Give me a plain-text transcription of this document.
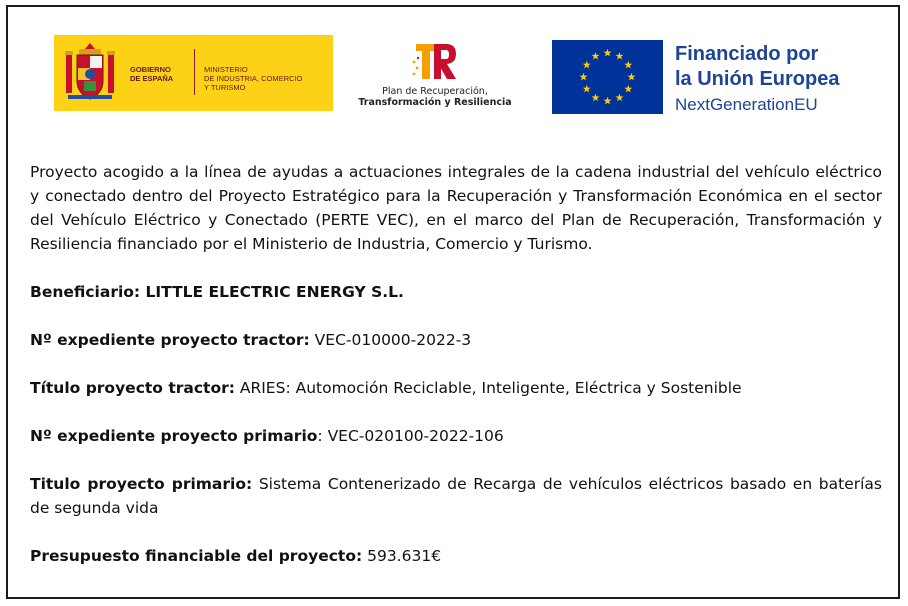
GOBIERNO
DE ESPAÑA
MINISTERIO
DE INDUSTRIA, COMERCIO
Y TURISMO	Plan de Recuperación,
Transformación y Resiliencia
Financiado por
la Unión Europea
NextGenerationEU

Proyecto acogido a la línea de ayudas a actuaciones integrales de la cadena industrial del vehículo eléctrico y conectado dentro del Proyecto Estratégico para la Recuperación y Transformación Económica en el sector del Vehículo Eléctrico y Conectado (PERTE VEC), en el marco del Plan de Recuperación, Transformación y Resiliencia financiado por el Ministerio de Industria, Comercio y Turismo.

Beneficiario: LITTLE ELECTRIC ENERGY S.L.

Nº expediente proyecto tractor: VEC-010000-2022-3

Título proyecto tractor: ARIES: Automoción Reciclable, Inteligente, Eléctrica y Sostenible

Nº expediente proyecto primario: VEC-020100-2022-106

Titulo proyecto primario: Sistema Contenerizado de Recarga de vehículos eléctricos basado en baterías de segunda vida

Presupuesto financiable del proyecto: 593.631€
